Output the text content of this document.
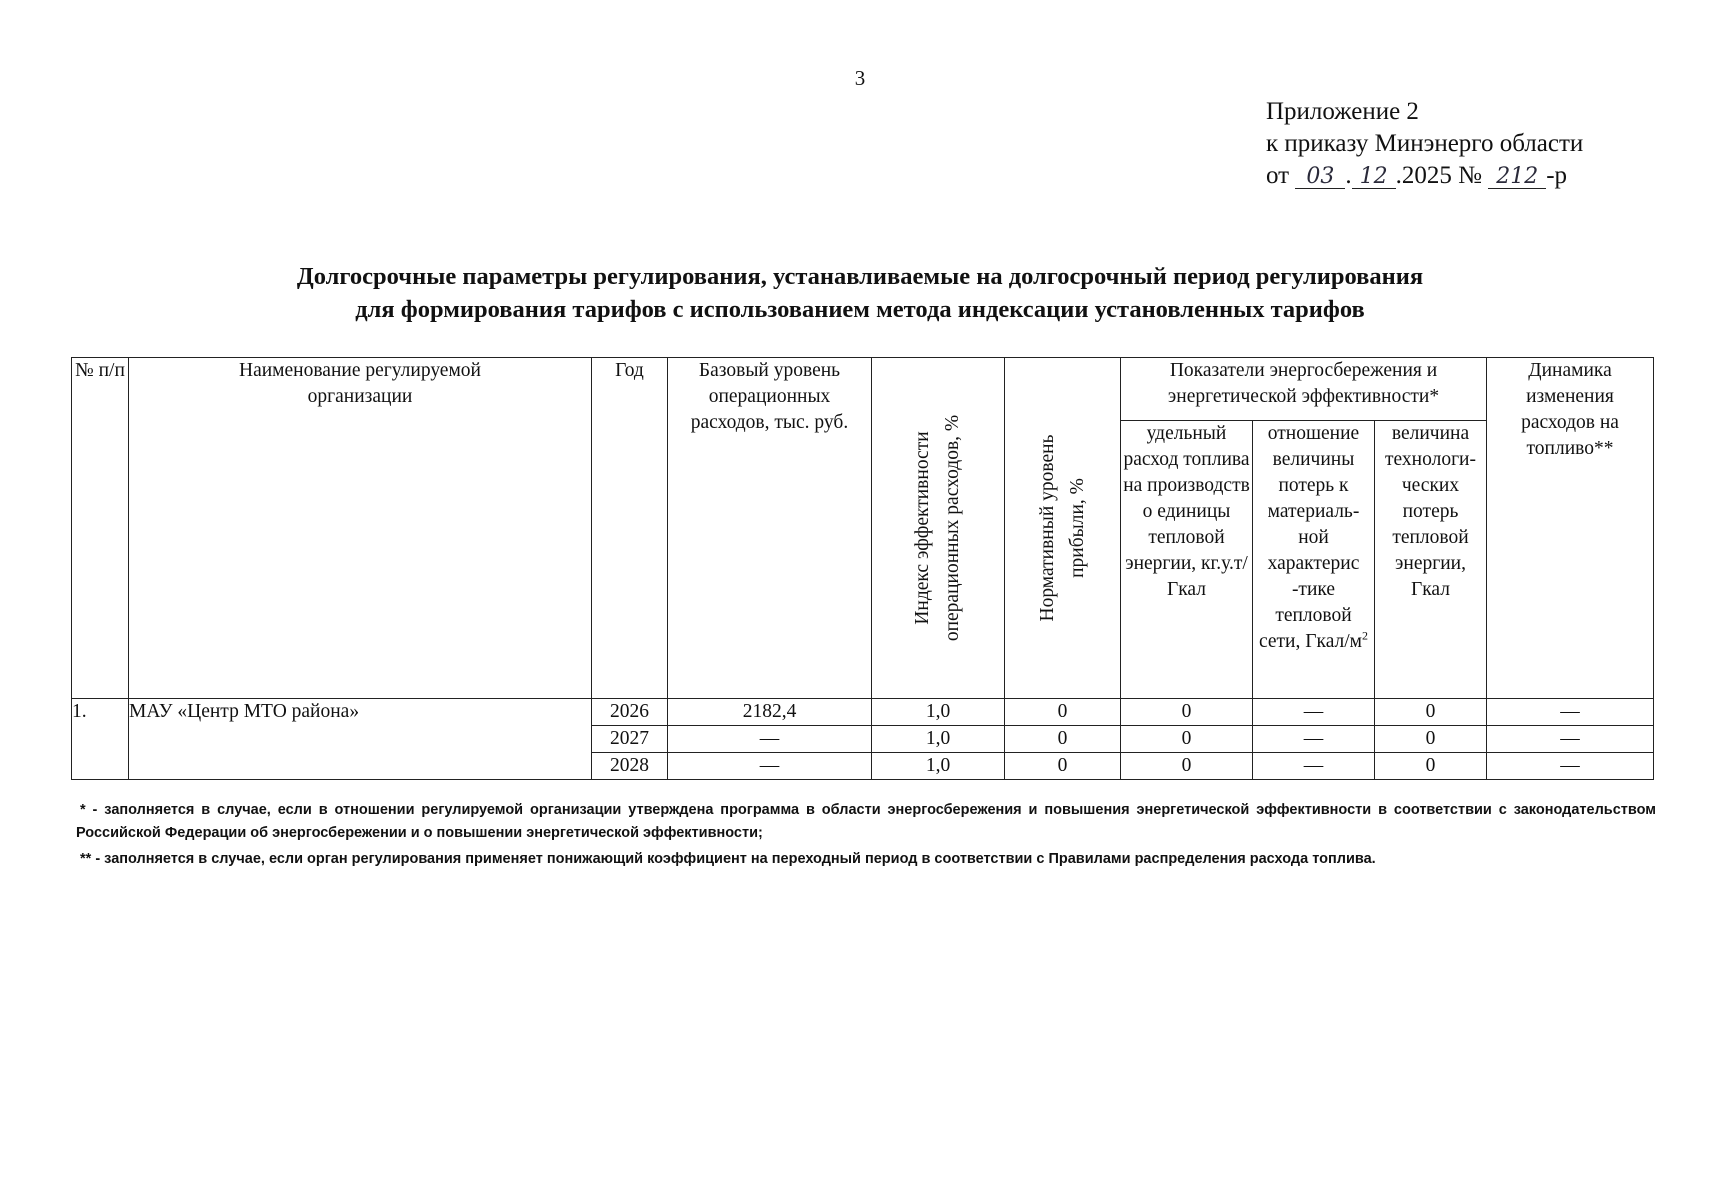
3
Приложение 2
к приказу Минэнерго области
от 03 . 12 .2025 № 212 -р
Долгосрочные параметры регулирования, устанавливаемые на долгосрочный период регулирования
для формирования тарифов с использованием метода индексации установленных тарифов
№ п/п	Наименование регулируемой организации	Год	Базовый уровень операционных расходов, тыс. руб.	Индекс эффективности операционных расходов, %	Нормативный уровень прибыли, %	Показатели энергосбережения и энергетической эффективности*			Динамика изменения расходов на топливо**

						удельный расход топлива на производств о единицы тепловой энергии, кг.у.т/Гкал	отношение величины потерь к материаль-ной характерис -тике тепловой сети, Гкал/$м^2$	величина технологи-ческих потерь тепловой энергии, Гкал	

1.	МАУ «Центр МТО района»	2026	2182,4	1,0	0	0	—	0	—
		2027	—	1,0	0	0	—	0	—
		2028	—	1,0	0	0	—	0	—

* - заполняется в случае, если в отношении регулируемой организации утверждена программа в области энергосбережения и повышения энергетической эффективности в соответствии с законодательством Российской Федерации об энергосбережении и о повышении энергетической эффективности;

** - заполняется в случае, если орган регулирования применяет понижающий коэффициент на переходный период в соответствии с Правилами распределения расхода топлива.
